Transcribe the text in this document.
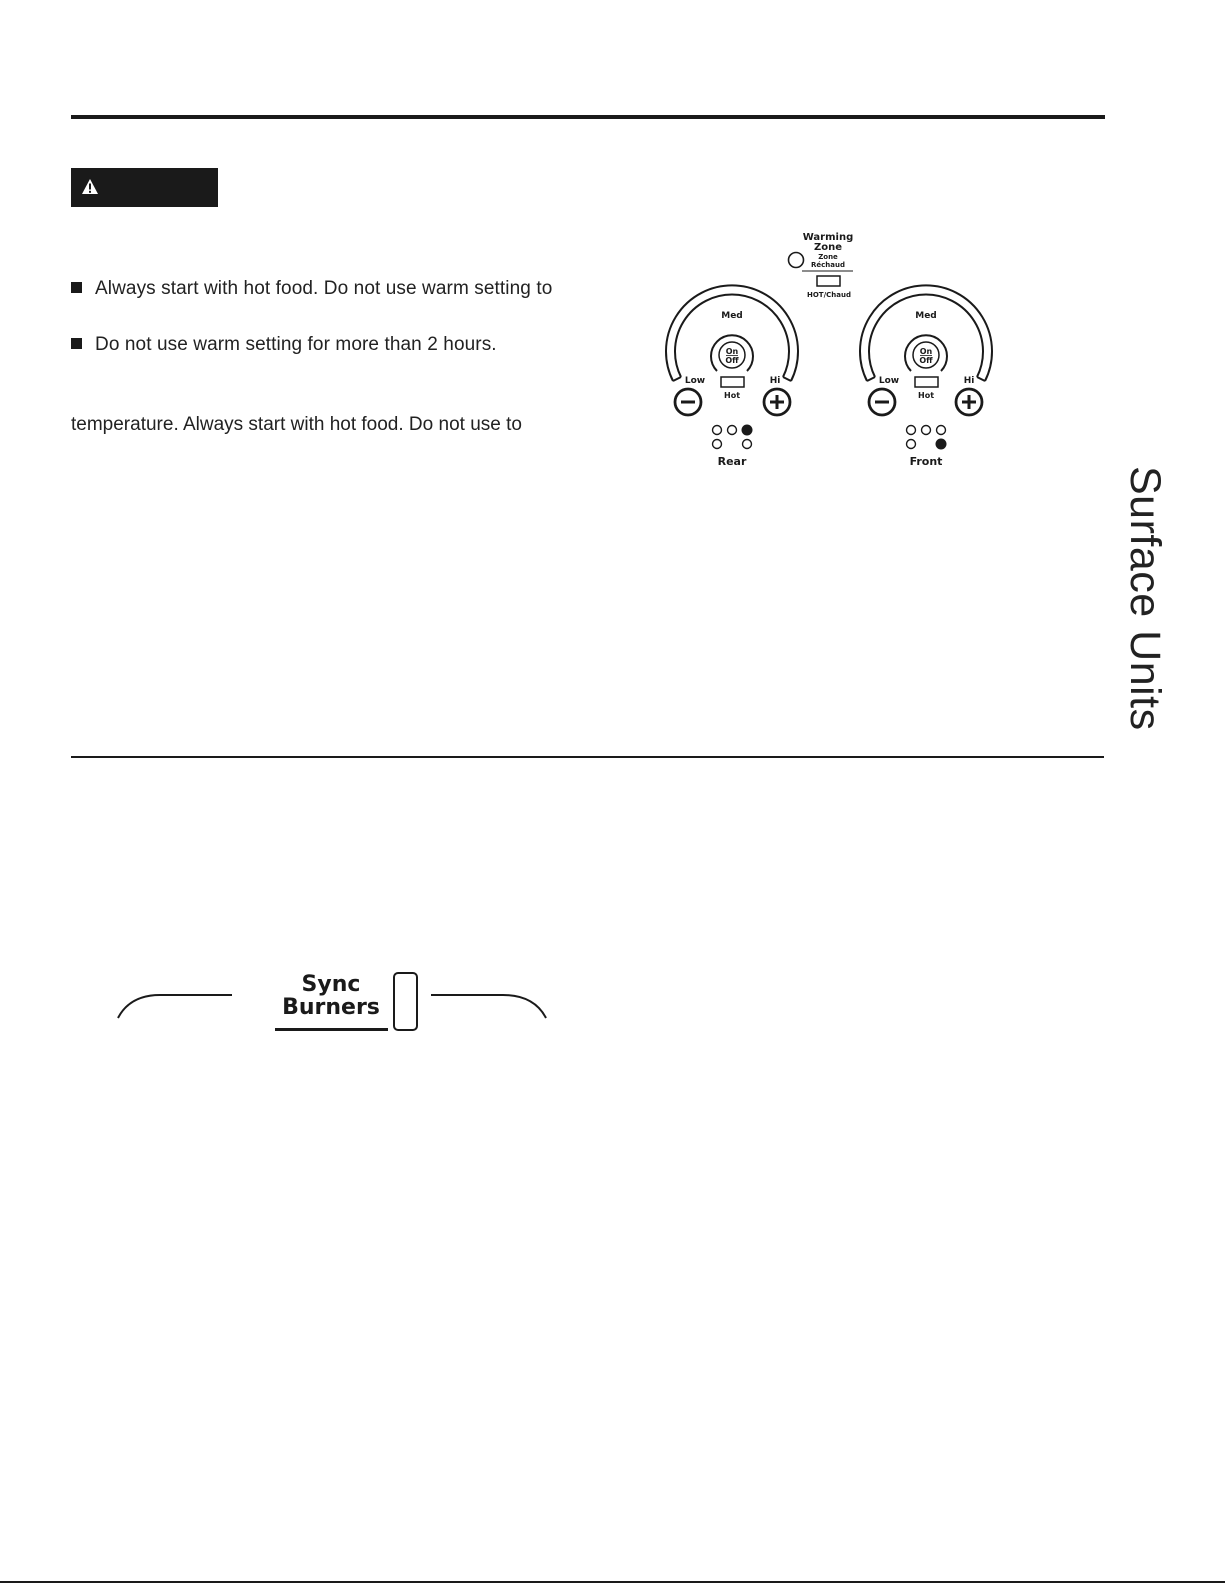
Always start with hot food. Do not use warm setting to
Do not use warm setting for more than 2 hours.
temperature. Always start with hot food. Do not use to
Warming
Zone
Zone
Réchaud
HOT/Chaud
Med
Low	Hi
On
Off
Hot
Rear
Med
Low	Hi
On
Off
Hot
Front
Surface Units
Sync
Burners
